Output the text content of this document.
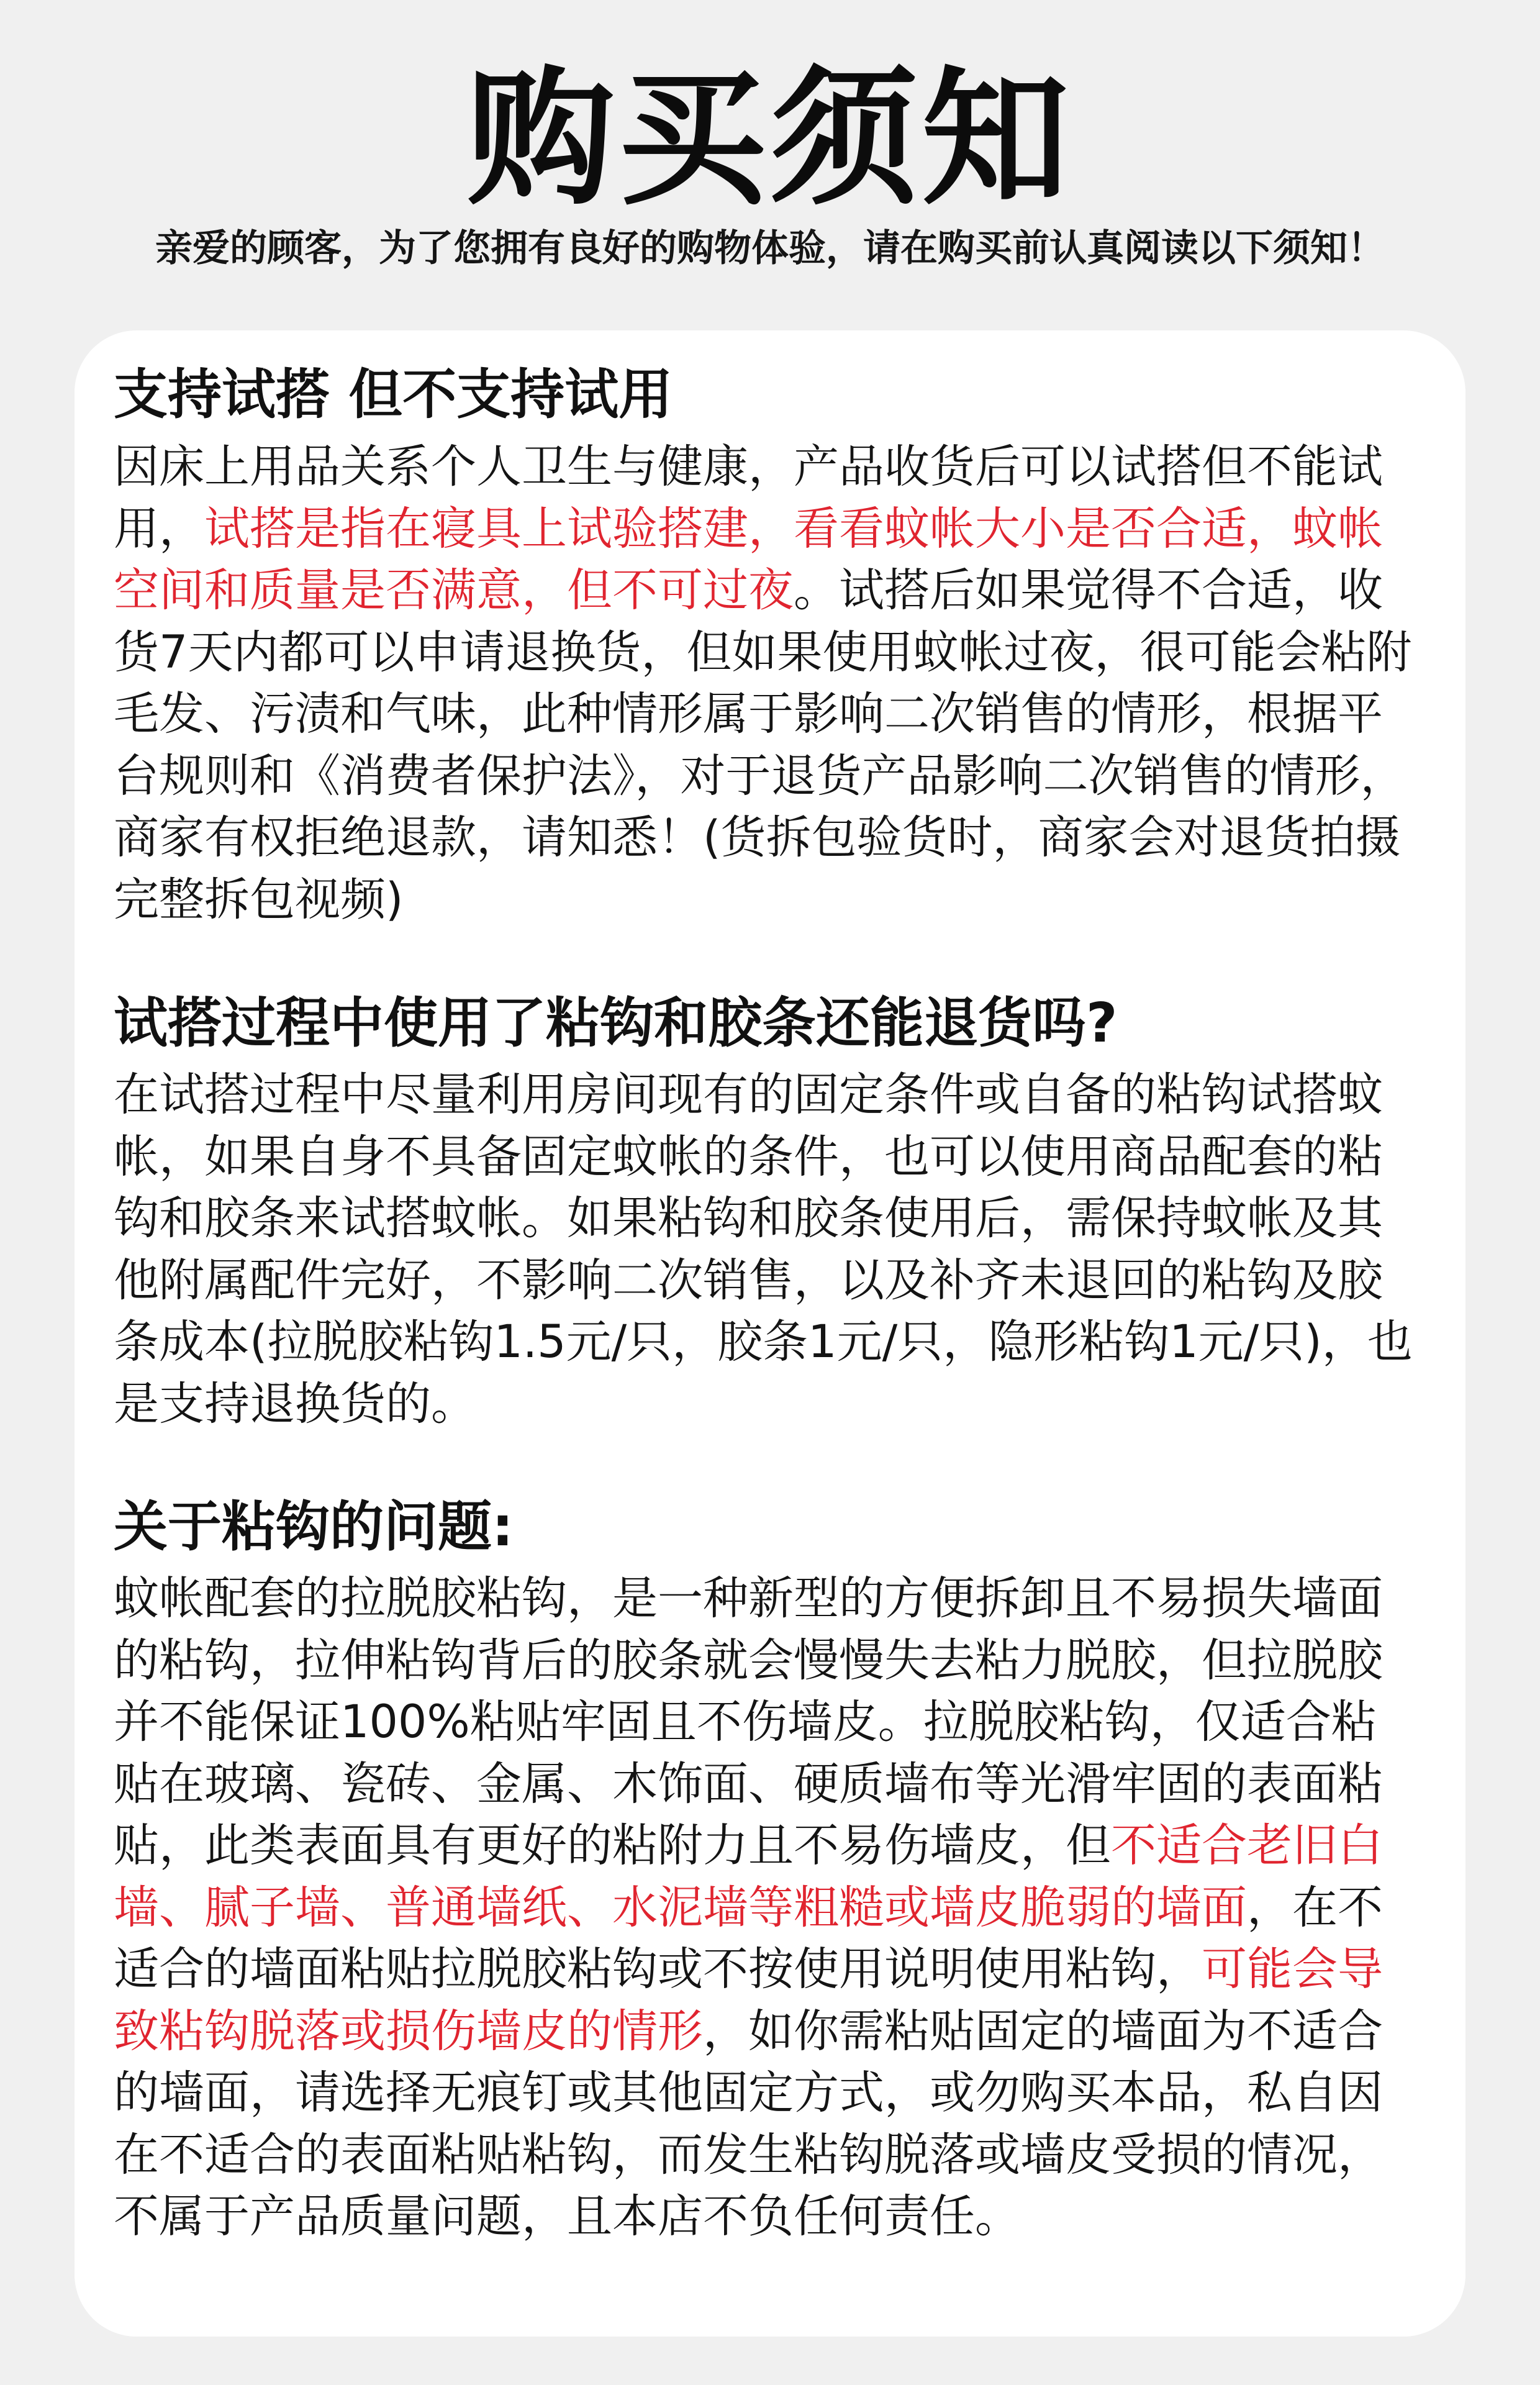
购买须知
亲爱的顾客，为了您拥有良好的购物体验，请在购买前认真阅读以下须知！
支持试搭 但不支持试用

因床上用品关系个人卫生与健康，产品收货后可以试搭但不能试用，试搭是指在寝具上试验搭建，看看蚊帐大小是否合适，蚊帐空间和质量是否满意，但不可过夜。试搭后如果觉得不合适，收货7天内都可以申请退换货，但如果使用蚊帐过夜，很可能会粘附毛发、污渍和气味，此种情形属于影响二次销售的情形，根据平台规则和《消费者保护法》，对于退货产品影响二次销售的情形，商家有权拒绝退款，请知悉！(货拆包验货时，商家会对退货拍摄完整拆包视频)

试搭过程中使用了粘钩和胶条还能退货吗?

在试搭过程中尽量利用房间现有的固定条件或自备的粘钩试搭蚊帐，如果自身不具备固定蚊帐的条件，也可以使用商品配套的粘钩和胶条来试搭蚊帐。如果粘钩和胶条使用后，需保持蚊帐及其他附属配件完好，不影响二次销售，以及补齐未退回的粘钩及胶条成本(拉脱胶粘钩1.5元/只，胶条1元/只，隐形粘钩1元/只)，也是支持退换货的。

关于粘钩的问题:

蚊帐配套的拉脱胶粘钩，是一种新型的方便拆卸且不易损失墙面的粘钩，拉伸粘钩背后的胶条就会慢慢失去粘力脱胶，但拉脱胶并不能保证100%粘贴牢固且不伤墙皮。拉脱胶粘钩，仅适合粘贴在玻璃、瓷砖、金属、木饰面、硬质墙布等光滑牢固的表面粘贴，此类表面具有更好的粘附力且不易伤墙皮，但不适合老旧白墙、腻子墙、普通墙纸、水泥墙等粗糙或墙皮脆弱的墙面，在不适合的墙面粘贴拉脱胶粘钩或不按使用说明使用粘钩，可能会导致粘钩脱落或损伤墙皮的情形，如你需粘贴固定的墙面为不适合的墙面，请选择无痕钉或其他固定方式，或勿购买本品，私自因在不适合的表面粘贴粘钩，而发生粘钩脱落或墙皮受损的情况，不属于产品质量问题，且本店不负任何责任。
